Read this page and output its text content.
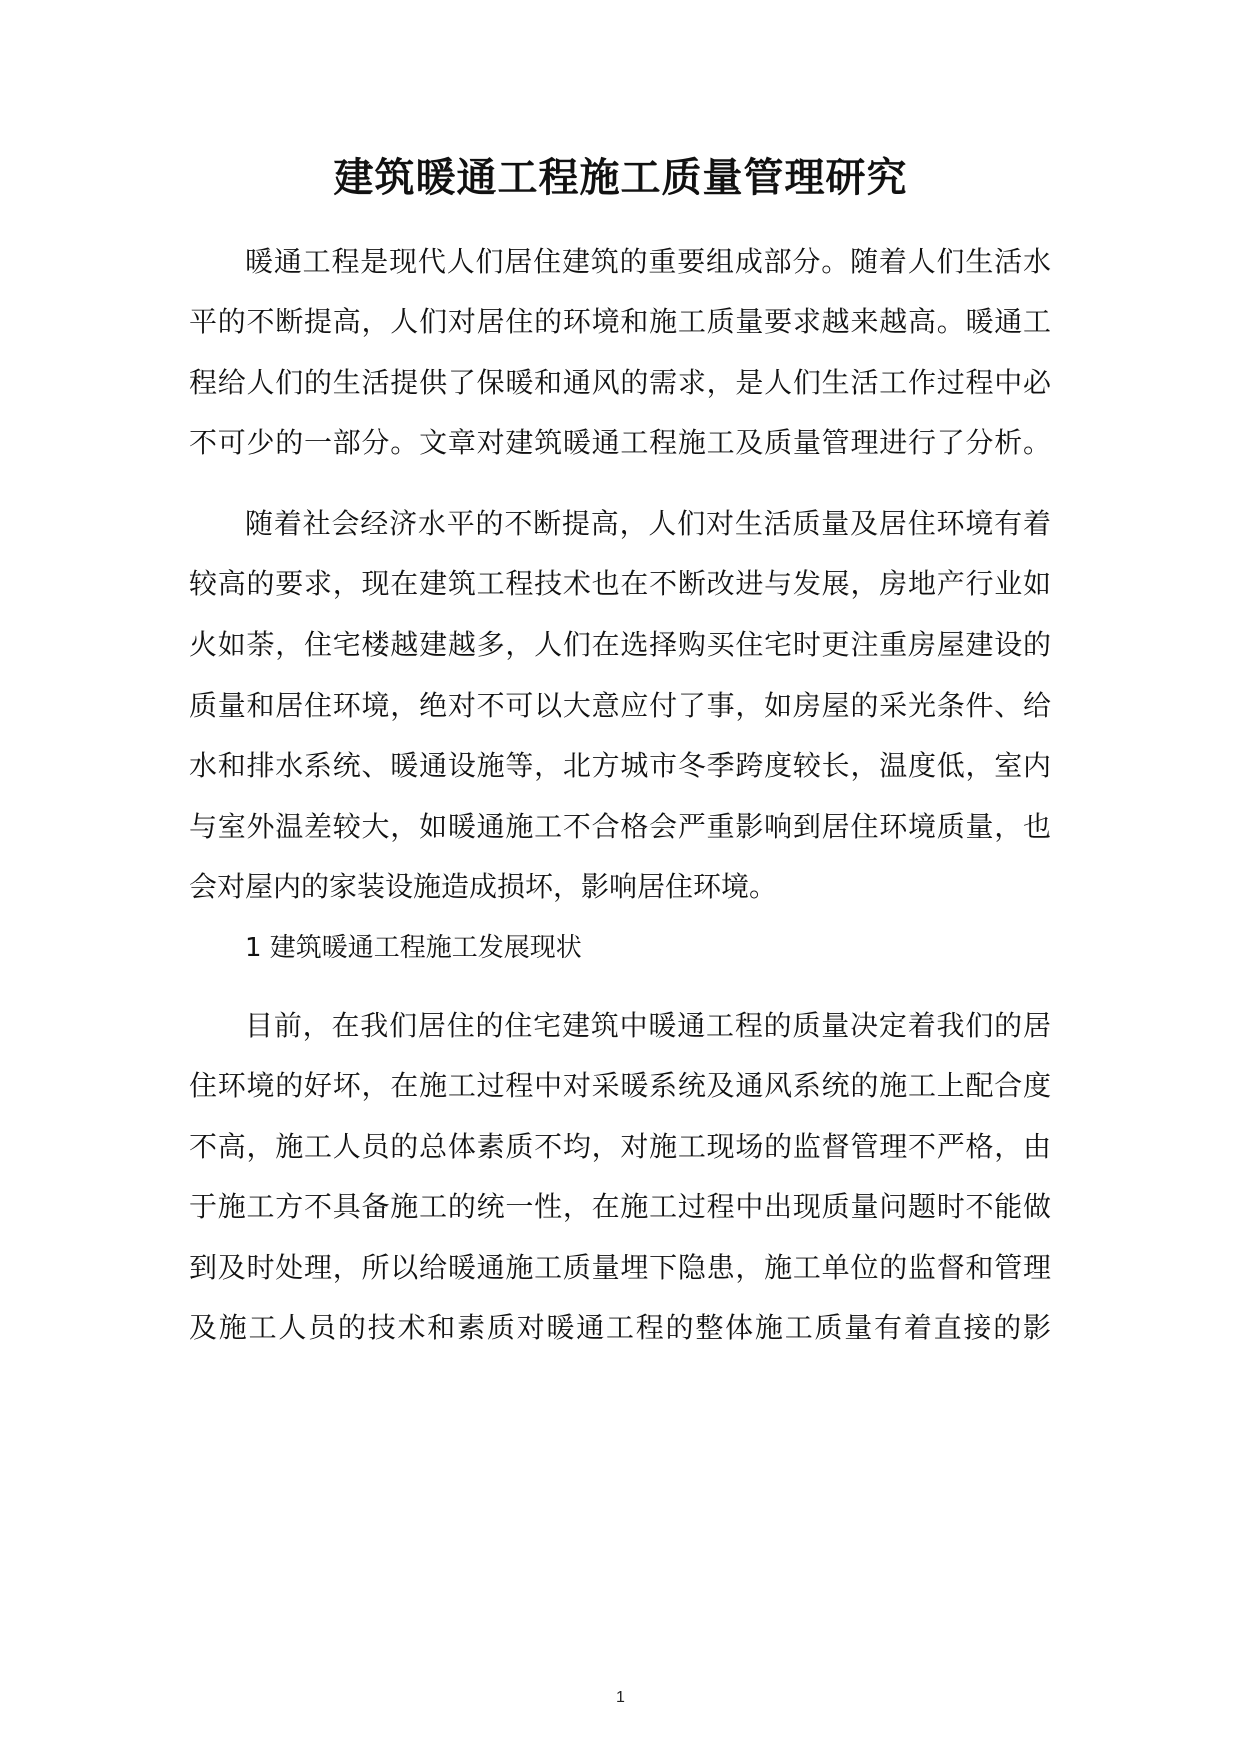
建筑暖通工程施工质量管理研究
暖通工程是现代人们居住建筑的重要组成部分。随着人们生活水
平的不断提高，人们对居住的环境和施工质量要求越来越高。暖通工
程给人们的生活提供了保暖和通风的需求，是人们生活工作过程中必
不可少的一部分。文章对建筑暖通工程施工及质量管理进行了分析。
随着社会经济水平的不断提高，人们对生活质量及居住环境有着
较高的要求，现在建筑工程技术也在不断改进与发展，房地产行业如
火如荼，住宅楼越建越多，人们在选择购买住宅时更注重房屋建设的
质量和居住环境，绝对不可以大意应付了事，如房屋的采光条件、给
水和排水系统、暖通设施等，北方城市冬季跨度较长，温度低，室内
与室外温差较大，如暖通施工不合格会严重影响到居住环境质量，也
会对屋内的家装设施造成损坏，影响居住环境。
1 建筑暖通工程施工发展现状
目前，在我们居住的住宅建筑中暖通工程的质量决定着我们的居
住环境的好坏，在施工过程中对采暖系统及通风系统的施工上配合度
不高，施工人员的总体素质不均，对施工现场的监督管理不严格，由
于施工方不具备施工的统一性，在施工过程中出现质量问题时不能做
到及时处理，所以给暖通施工质量埋下隐患，施工单位的监督和管理
及施工人员的技术和素质对暖通工程的整体施工质量有着直接的影
1
